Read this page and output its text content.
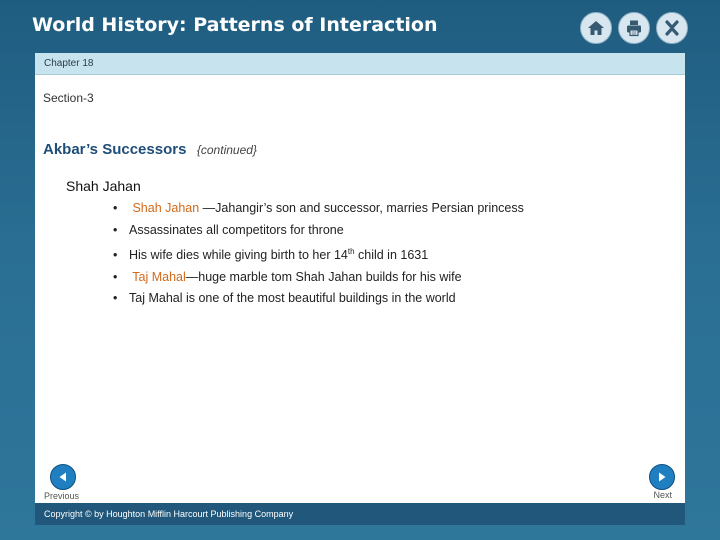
World History: Patterns of Interaction
Chapter 18
Section-3
Akbar’s Successors {continued}
Shah Jahan
• Shah Jahan —Jahangir’s son and successor, marries Persian princess
• Assassinates all competitors for throne
• His wife dies while giving birth to her 14th child in 1631
• Taj Mahal—huge marble tom Shah Jahan builds for his wife
• Taj Mahal is one of the most beautiful buildings in the world
Previous	Next
Copyright © by Houghton Mifflin Harcourt Publishing Company
